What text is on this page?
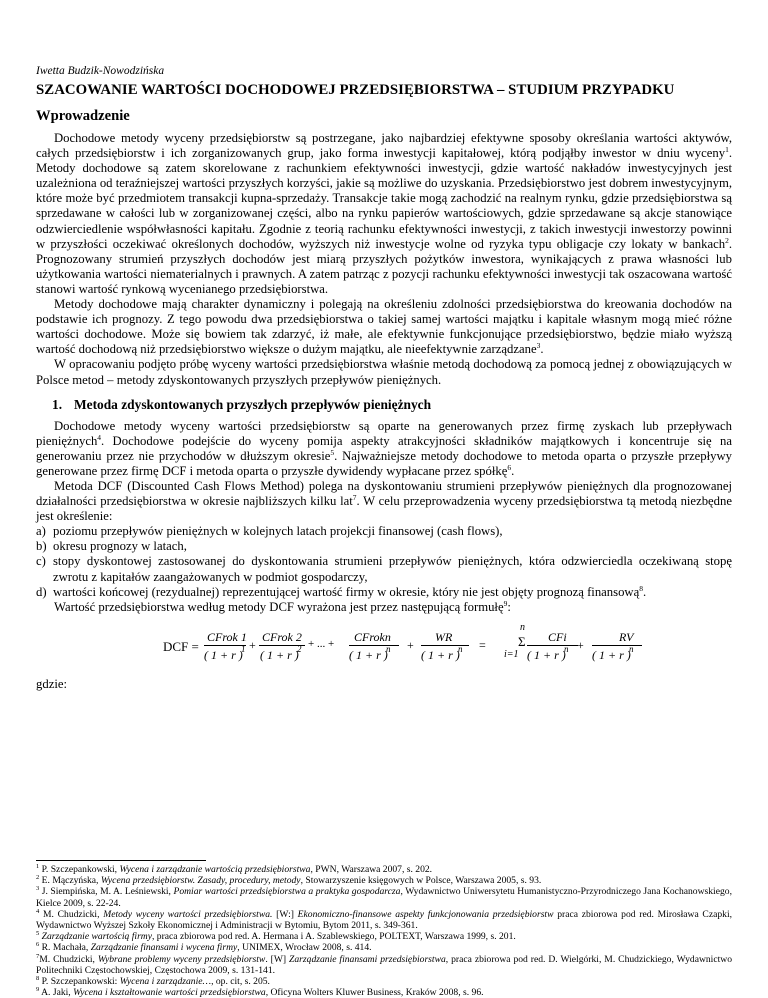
Iwetta Budzik-Nowodzińska
SZACOWANIE WARTOŚCI DOCHODOWEJ PRZEDSIĘBIORSTWA – STUDIUM PRZYPADKU
Wprowadzenie

Dochodowe metody wyceny przedsiębiorstw są postrzegane, jako najbardziej efektywne sposoby określania wartości aktywów, całych przedsiębiorstw i ich zorganizowanych grup, jako forma inwestycji kapitałowej, którą podjąłby inwestor w dniu wyceny$^1$. Metody dochodowe są zatem skorelowane z rachunkiem efektywności inwestycji, gdzie wartość nakładów inwestycyjnych jest uzależniona od teraźniejszej wartości przyszłych korzyści, jakie są możliwe do uzyskania. Przedsiębiorstwo jest dobrem inwestycyjnym, które może być przedmiotem transakcji kupna-sprzedaży. Transakcje takie mogą zachodzić na realnym rynku, gdzie przedsiębiorstwa są sprzedawane w całości lub w zorganizowanej części, albo na rynku papierów wartościowych, gdzie sprzedawane są akcje stanowiące odzwierciedlenie współwłasności kapitału. Zgodnie z teorią rachunku efektywności inwestycji, z takich inwestycji inwestorzy powinni w przyszłości oczekiwać określonych dochodów, wyższych niż inwestycje wolne od ryzyka typu obligacje czy lokaty w bankach$^2$. Prognozowany strumień przyszłych dochodów jest miarą przyszłych pożytków inwestora, wynikających z prawa własności lub użytkowania wartości niematerialnych i prawnych. A zatem patrząc z pozycji rachunku efektywności inwestycji tak oszacowana wartość stanowi wartość rynkową wycenianego przedsiębiorstwa.

Metody dochodowe mają charakter dynamiczny i polegają na określeniu zdolności przedsiębiorstwa do kreowania dochodów na podstawie ich prognozy. Z tego powodu dwa przedsiębiorstwa o takiej samej wartości majątku i kapitale własnym mogą mieć różne wartości dochodowe. Może się bowiem tak zdarzyć, iż małe, ale efektywnie funkcjonujące przedsiębiorstwo, będzie miało wyższą wartość dochodową niż przedsiębiorstwo większe o dużym majątku, ale nieefektywnie zarządzane$^3$.

W opracowaniu podjęto próbę wyceny wartości przedsiębiorstwa właśnie metodą dochodową za pomocą jednej z obowiązujących w Polsce metod – metody zdyskontowanych przyszłych przepływów pieniężnych.

1. Metoda zdyskontowanych przyszłych przepływów pieniężnych

Dochodowe metody wyceny wartości przedsiębiorstw są oparte na generowanych przez firmę zyskach lub przepływach pieniężnych$^4$. Dochodowe podejście do wyceny pomija aspekty atrakcyjności składników majątkowych i koncentruje się na generowaniu przez nie przychodów w dłuższym okresie$^5$. Najważniejsze metody dochodowe to metoda oparta o przyszłe przepływy generowane przez firmę DCF i metoda oparta o przyszłe dywidendy wypłacane przez spółkę$^6$.

Metoda DCF (Discounted Cash Flows Method) polega na dyskontowaniu strumieni przepływów pieniężnych dla prognozowanej działalności przedsiębiorstwa w okresie najbliższych kilku lat$^7$. W celu przeprowadzenia wyceny przedsiębiorstwa tą metodą niezbędne jest określenie:

a) poziomu przepływów pieniężnych w kolejnych latach projekcji finansowej (cash flows),
b) okresu prognozy w latach,
c) stopy dyskontowej zastosowanej do dyskontowania strumieni przepływów pieniężnych, która odzwierciedla oczekiwaną stopę zwrotu z kapitałów zaangażowanych w podmiot gospodarczy,
d) wartości końcowej (rezydualnej) reprezentującej wartość firmy w okresie, który nie jest objęty prognozą finansową$^8$.

Wartość przedsiębiorstwa według metody DCF wyrażona jest przez następującą formułę$^9$:

DCF =
CFrok 1
( 1 + r )
1 +
CFrok 2
( 1 + r )
2 + ... + CFrokn
( 1 + r )
n +
WR
( 1 + r )
n =
n
Σ
i=1
CFi
( 1 + r )
n +
RV
( 1 + r )
n
gdzie:

$^1$ P. Szczepankowski, Wycena i zarządzanie wartością przedsiębiorstwa, PWN, Warszawa 2007, s. 202.

$^2$ E. Mączyńska, Wycena przedsiębiorstw. Zasady, procedury, metody, Stowarzyszenie księgowych w Polsce, Warszawa 2005, s. 93.

$^3$ J. Siempińska, M. A. Leśniewski, Pomiar wartości przedsiębiorstwa a praktyka gospodarcza, Wydawnictwo Uniwersytetu Humanistyczno-Przyrodniczego Jana Kochanowskiego, Kielce 2009, s. 22-24.

$^4$ M. Chudzicki, Metody wyceny wartości przedsiębiorstwa. [W:] Ekonomiczno-finansowe aspekty funkcjonowania przedsiębiorstw praca zbiorowa pod red. Mirosława Czapki, Wydawnictwo Wyższej Szkoły Ekonomicznej i Administracji w Bytomiu, Bytom 2011, s. 349-361.

$^5$ Zarządzanie wartością firmy, praca zbiorowa pod red. A. Hermana i A. Szablewskiego, POLTEXT, Warszawa 1999, s. 201.

$^6$ R. Machała, Zarządzanie finansami i wycena firmy, UNIMEX, Wrocław 2008, s. 414.

$^7$M. Chudzicki, Wybrane problemy wyceny przedsiębiorstw. [W] Zarządzanie finansami przedsiębiorstwa, praca zbiorowa pod red. D. Wielgórki, M. Chudzickiego, Wydawnictwo Politechniki Częstochowskiej, Częstochowa 2009, s. 131-141.

$^8$ P. Szczepankowski: Wycena i zarządzanie…, op. cit, s. 205.

$^9$ A. Jaki, Wycena i kształtowanie wartości przedsiębiorstwa, Oficyna Wolters Kluwer Business, Kraków 2008, s. 96.
